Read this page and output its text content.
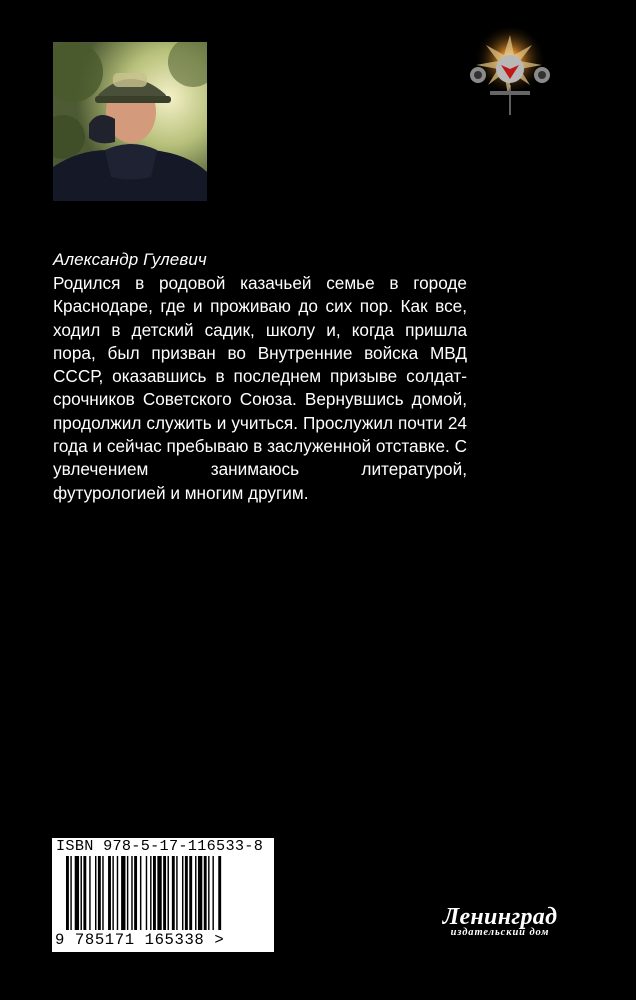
Александр Гулевич

Родился в родовой казачьей семье в городе Краснодаре, где и проживаю до сих пор. Как все, ходил в детский садик, школу и, когда пришла пора, был призван во Внутренние войска МВД СССР, оказавшись в последнем призыве солдат-срочников Советского Союза. Вернувшись домой, продолжил служить и учиться. Прослужил почти 24 года и сейчас пребываю в заслуженной отставке. С увлечением занимаюсь литературой, футурологией и многим другим.

ISBN 978-5-17-116533-8
9 785171 165338 >
Ленинград
издательский дом
